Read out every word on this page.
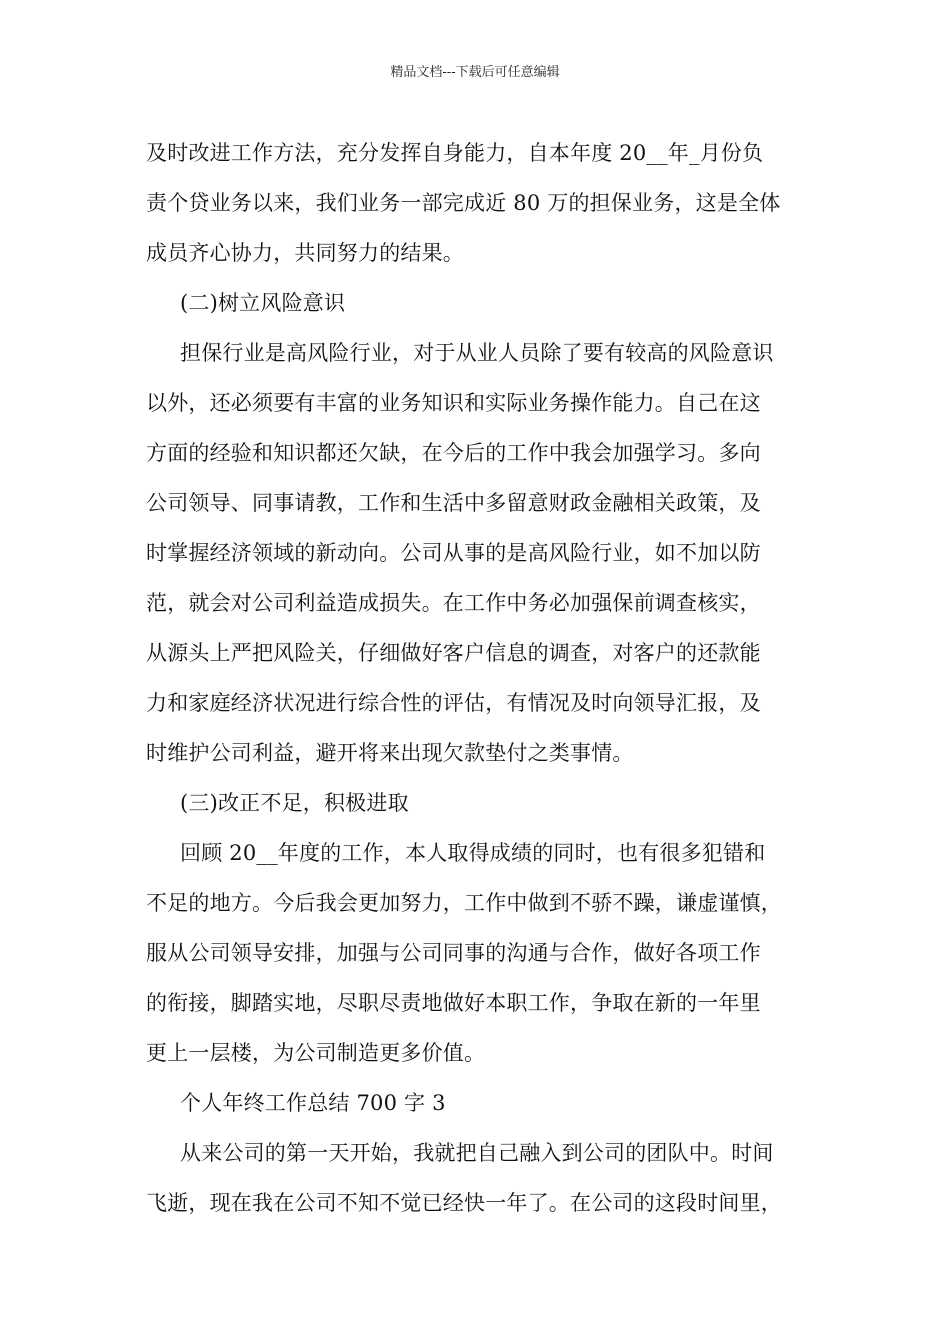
精品文档---下载后可任意编辑
及时改进工作方法，充分发挥自身能力，自本年度 20__年_月份负
责个贷业务以来，我们业务一部完成近 80 万的担保业务，这是全体
成员齐心协力，共同努力的结果。
(二)树立风险意识
担保行业是高风险行业，对于从业人员除了要有较高的风险意识
以外，还必须要有丰富的业务知识和实际业务操作能力。自己在这
方面的经验和知识都还欠缺，在今后的工作中我会加强学习。多向
公司领导、同事请教，工作和生活中多留意财政金融相关政策，及
时掌握经济领域的新动向。公司从事的是高风险行业，如不加以防
范，就会对公司利益造成损失。在工作中务必加强保前调查核实，
从源头上严把风险关，仔细做好客户信息的调查，对客户的还款能
力和家庭经济状况进行综合性的评估，有情况及时向领导汇报，及
时维护公司利益，避开将来出现欠款垫付之类事情。
(三)改正不足，积极进取
回顾 20__年度的工作，本人取得成绩的同时，也有很多犯错和
不足的地方。今后我会更加努力，工作中做到不骄不躁，谦虚谨慎，
服从公司领导安排，加强与公司同事的沟通与合作，做好各项工作
的衔接，脚踏实地，尽职尽责地做好本职工作，争取在新的一年里
更上一层楼，为公司制造更多价值。
个人年终工作总结 700 字 3
从来公司的第一天开始，我就把自己融入到公司的团队中。时间
飞逝，现在我在公司不知不觉已经快一年了。在公司的这段时间里，
